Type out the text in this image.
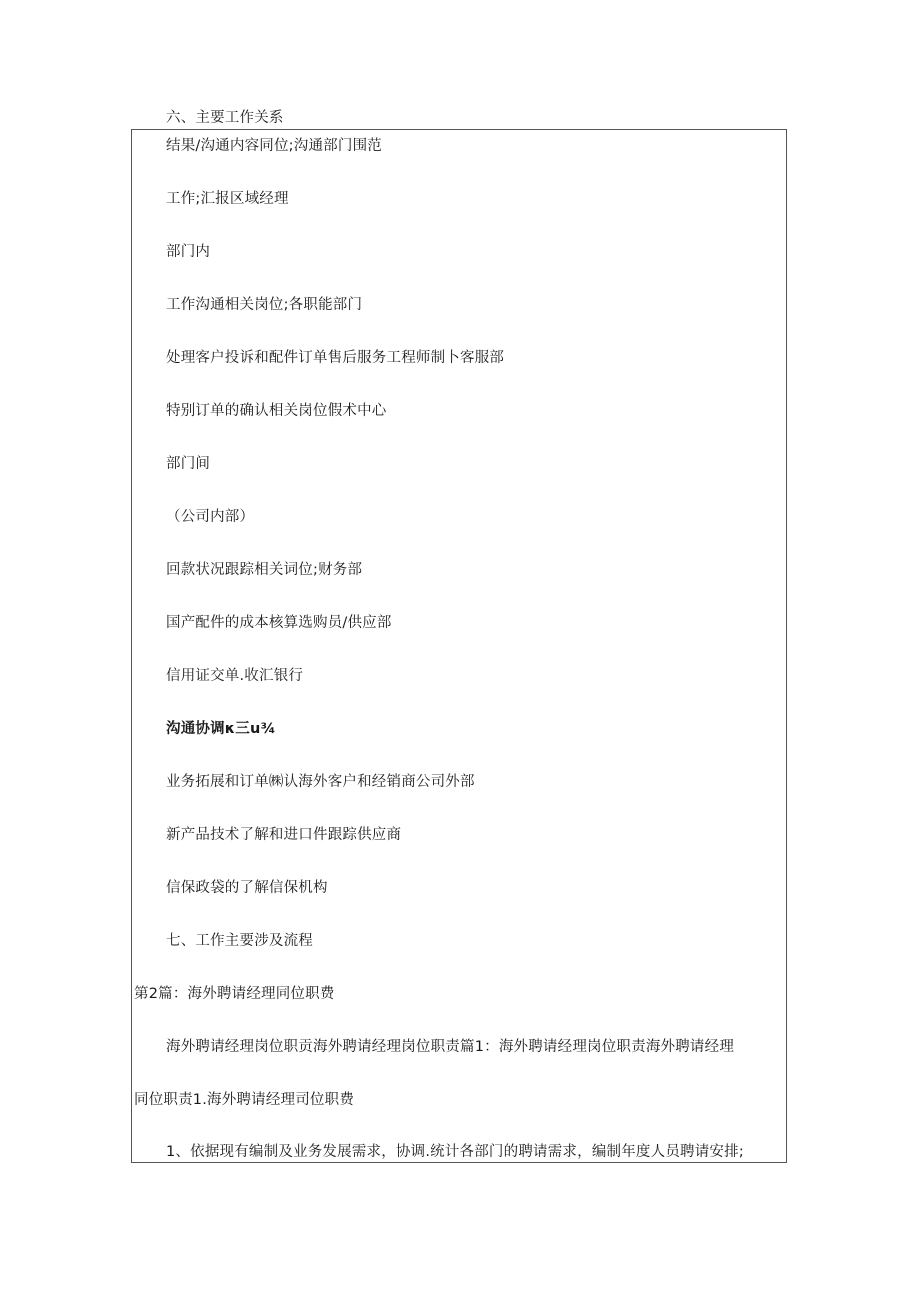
六、主要工作关系
结果/沟通内容同位;沟通部门围范
工作;汇报区域经理
部门内
工作沟通相关岗位;各职能部门
处理客户投诉和配件订单售后服务工程师制卜客服部
特别订单的确认相关岗位假术中心
部门间
（公司内部）
回款状况跟踪相关词位;财务部
国产配件的成本核算选购员/供应部
信用证交单.收汇银行
沟通协调κ三u¾
业务拓展和订单㈱认海外客户和经销商公司外部
新产品技术了解和进口件跟踪供应商
信保政袋的了解信保机构
七、工作主要涉及流程
第2篇：海外聘请经理同位职费
海外聘请经理岗位职贡海外聘请经理岗位职责篇1：海外聘请经理岗位职责海外聘请经理
同位职责1.海外聘请经理司位职费
1、依据现有编制及业务发展需求，协调.统计各部门的聘请需求，编制年度人员聘请安排;
